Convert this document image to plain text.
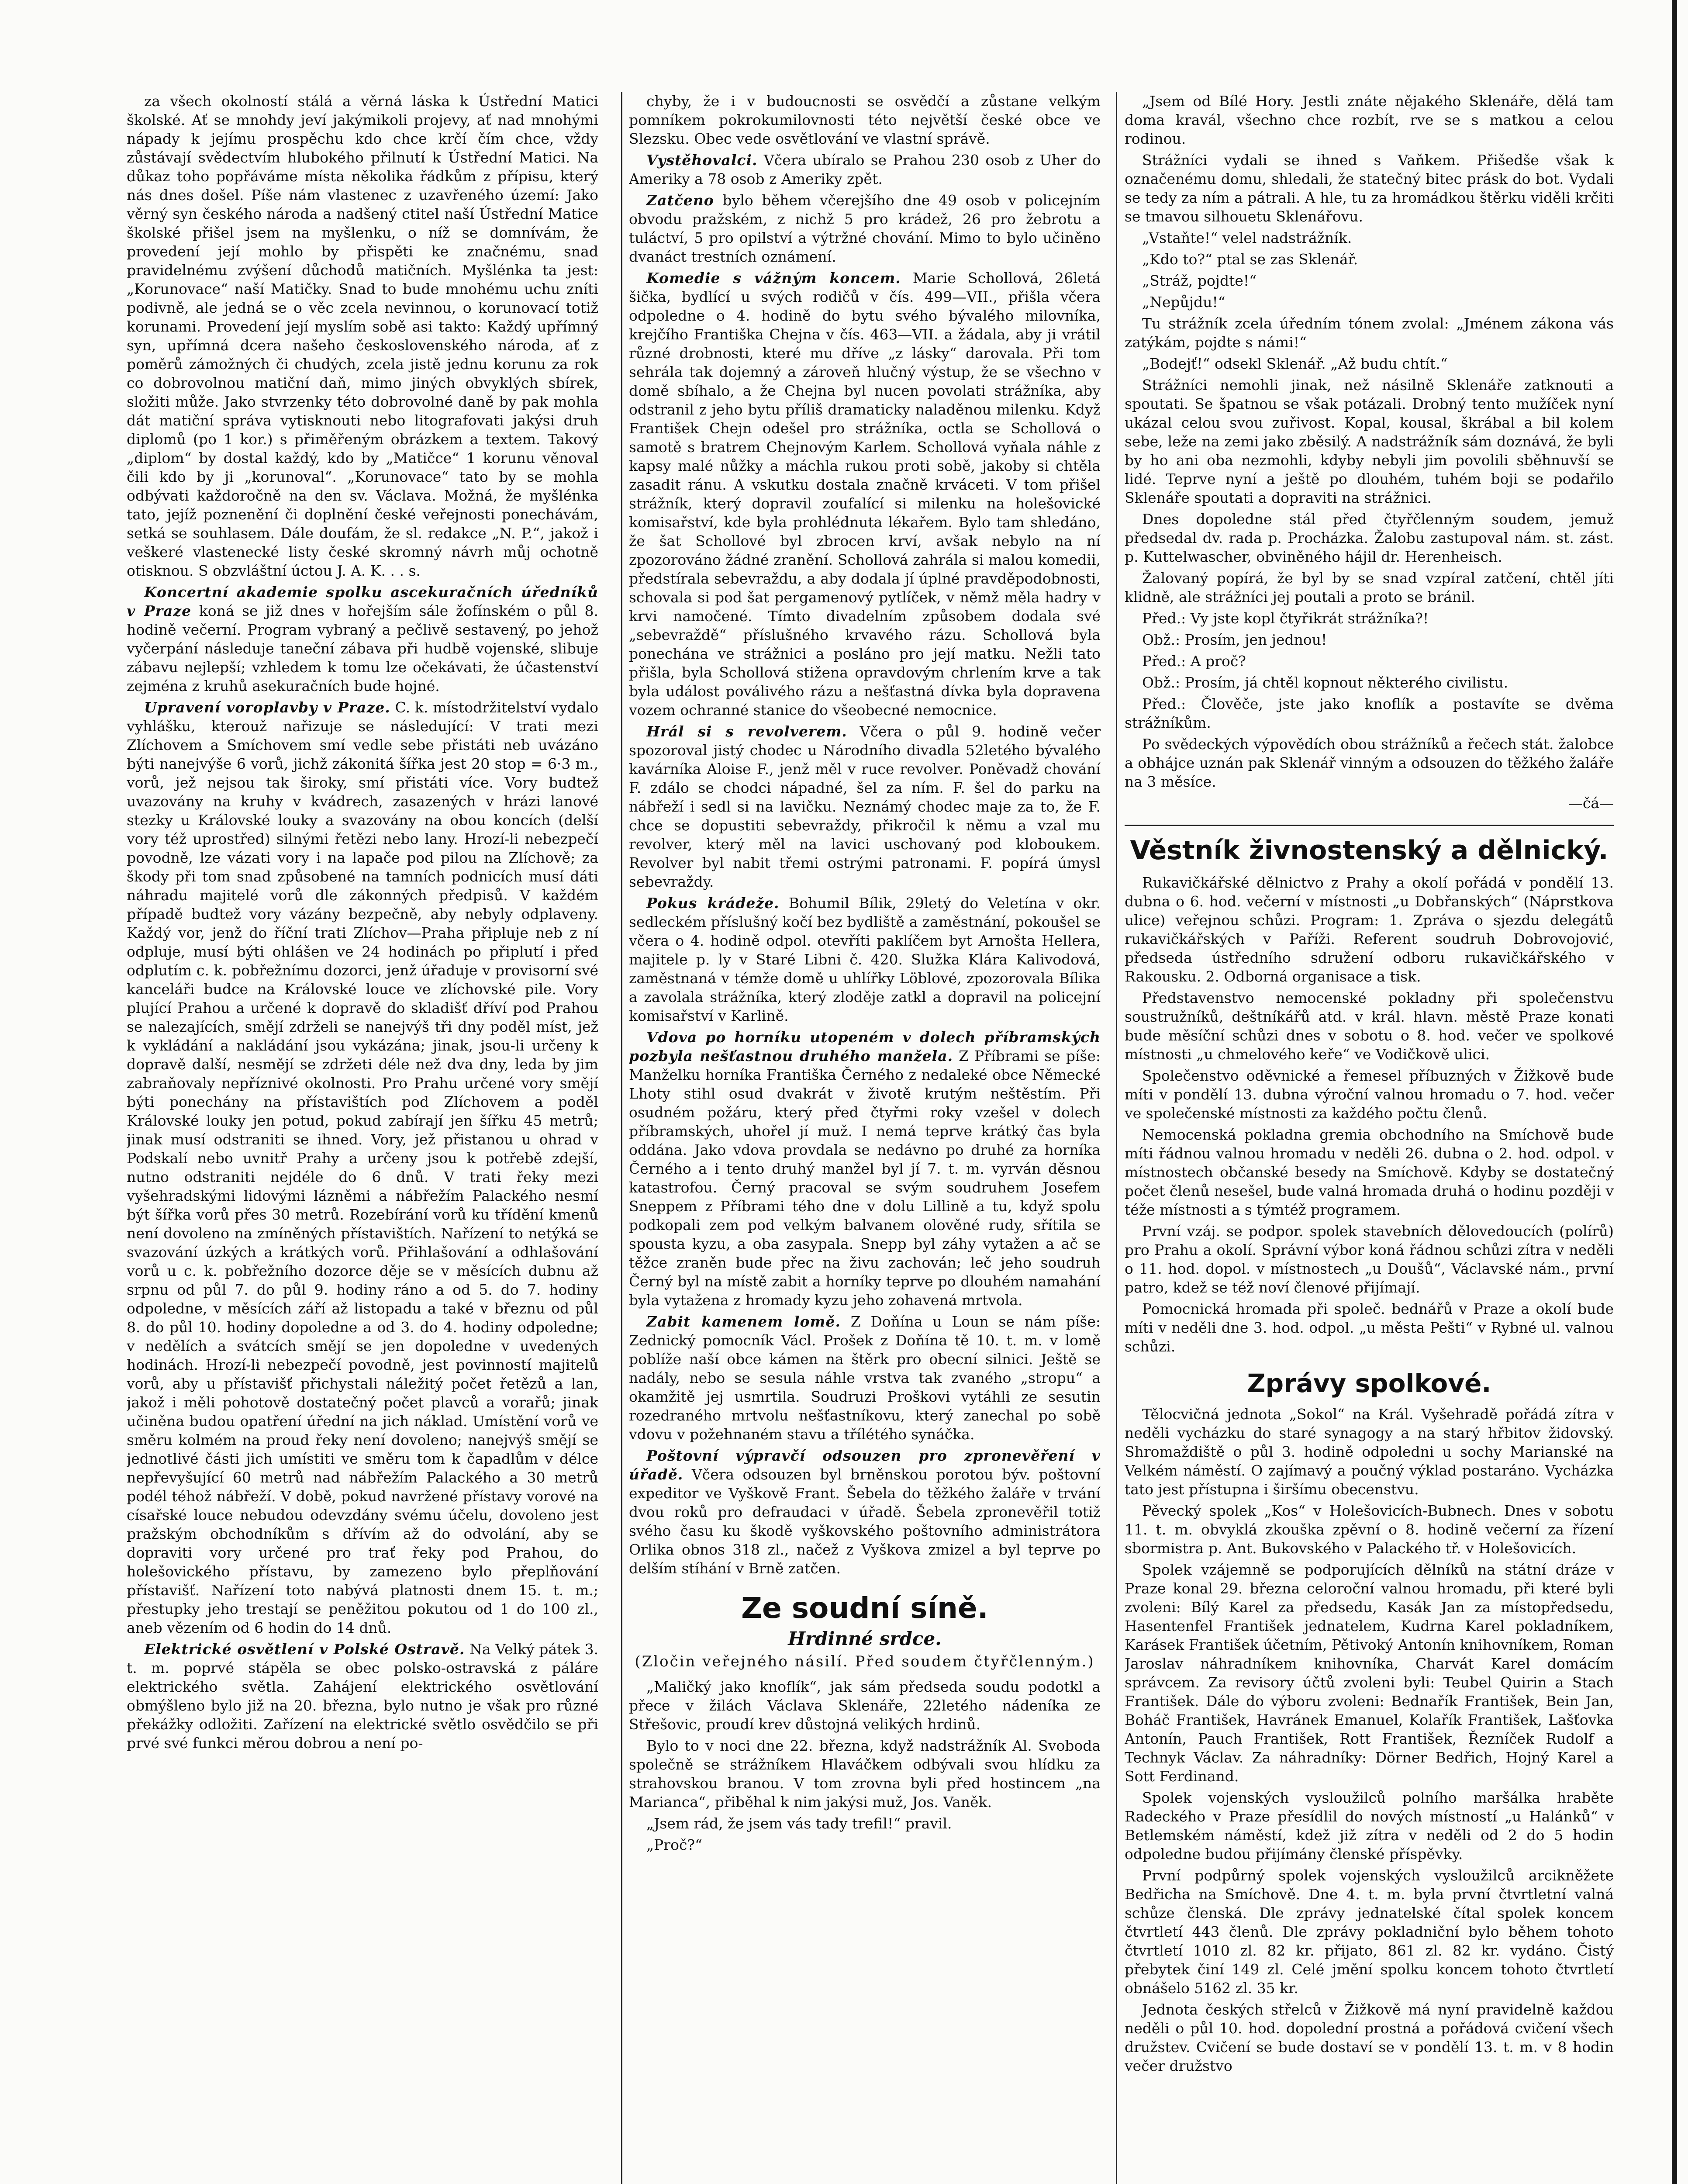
za všech okolností stálá a věrná láska k Ústřední Matici školské. Ať se mnohdy jeví jakýmikoli projevy, ať nad mnohými nápady k jejímu prospěchu kdo chce krčí čím chce, vždy zůstávají svědectvím hlubokého přilnutí k Ústřední Matici. Na důkaz toho popřáváme místa několika řádkům z přípisu, který nás dnes došel. Píše nám vlastenec z uzavřeného území: Jako věrný syn českého národa a nadšený ctitel naší Ústřední Matice školské přišel jsem na myšlenku, o níž se domnívám, že provedení její mohlo by přispěti ke značnému, snad pravidelnému zvýšení důchodů matičních. Myšlénka ta jest: „Korunovace“ naší Matičky. Snad to bude mnohému uchu zníti podivně, ale jedná se o věc zcela nevinnou, o korunovací totiž korunami. Provedení její myslím sobě asi takto: Každý upřímný syn, upřímná dcera našeho československého národa, ať z poměrů zámožných či chudých, zcela jistě jednu korunu za rok co dobrovolnou matiční daň, mimo jiných obvyklých sbírek, složiti může. Jako stvrzenky této dobrovolné daně by pak mohla dát matiční správa vytisknouti nebo litografovati jakýsi druh diplomů (po 1 kor.) s přiměřeným obrázkem a textem. Takový „diplom“ by dostal každý, kdo by „Matičce“ 1 korunu věnoval čili kdo by ji „korunoval“. „Korunovace“ tato by se mohla odbývati každoročně na den sv. Václava. Možná, že myšlénka tato, jejíž poznenění či doplnění české veřejnosti ponechávám, setká se souhlasem. Dále doufám, že sl. redakce „N. P.“, jakož i veškeré vlastenecké listy české skromný návrh můj ochotně otisknou. S obzvláštní úctou J. A. K. . . s.

Koncertní akademie spolku ascekuračních úředníků v Praze koná se již dnes v hořejším sále žofínském o půl 8. hodině večerní. Program vybraný a pečlivě sestavený, po jehož vyčerpání následuje taneční zábava při hudbě vojenské, slibuje zábavu nejlepší; vzhledem k tomu lze očekávati, že účastenství zejména z kruhů asekuračních bude hojné.

Upravení voroplavby v Praze. C. k. místodržitelství vydalo vyhlášku, kterouž nařizuje se následující: V trati mezi Zlíchovem a Smíchovem smí vedle sebe přistáti neb uvázáno býti nanejvýše 6 vorů, jichž zákonitá šířka jest 20 stop = 6·3 m., vorů, jež nejsou tak široky, smí přistáti více. Vory budtež uvazovány na kruhy v kvádrech, zasazených v hrázi lanové stezky u Královské louky a svazovány na obou koncích (delší vory též uprostřed) silnými řetězi nebo lany. Hrozí-li nebezpečí povodně, lze vázati vory i na lapače pod pilou na Zlíchově; za škody při tom snad způsobené na tamních podnicích musí dáti náhradu majitelé vorů dle zákonných předpisů. V každém případě budtež vory vázány bezpečně, aby nebyly odplaveny. Každý vor, jenž do říční trati Zlíchov—Praha připluje neb z ní odpluje, musí býti ohlášen ve 24 hodinách po připlutí i před odplutím c. k. pobřežnímu dozorci, jenž úřaduje v provisorní své kanceláři budce na Královské louce ve zlíchovské pile. Vory plující Prahou a určené k dopravě do skladišť dříví pod Prahou se nalezajících, smějí zdrželi se nanejvýš tři dny poděl míst, jež k vykládání a nakládání jsou vykázána; jinak, jsou-li určeny k dopravě další, nesmějí se zdržeti déle než dva dny, leda by jim zabraňovaly nepříznivé okolnosti. Pro Prahu určené vory smějí býti ponechány na přístavištích pod Zlíchovem a poděl Královské louky jen potud, pokud zabírají jen šířku 45 metrů; jinak musí odstraniti se ihned. Vory, jež přistanou u ohrad v Podskalí nebo uvnitř Prahy a určeny jsou k potřebě zdejší, nutno odstraniti nejdéle do 6 dnů. V trati řeky mezi vyšehradskými lidovými lázněmi a nábřežím Palackého nesmí být šířka vorů přes 30 metrů. Rozebírání vorů ku třídění kmenů není dovoleno na zmíněných přístavištích. Nařízení to netýká se svazování úzkých a krátkých vorů. Přihlašování a odhlašování vorů u c. k. pobřežního dozorce děje se v měsících dubnu až srpnu od půl 7. do půl 9. hodiny ráno a od 5. do 7. hodiny odpoledne, v měsících září až listopadu a také v březnu od půl 8. do půl 10. hodiny dopoledne a od 3. do 4. hodiny odpoledne; v nedělích a svátcích smějí se jen dopoledne v uvedených hodinách. Hrozí-li nebezpečí povodně, jest povinností majitelů vorů, aby u přístavišť přichystali náležitý počet řetězů a lan, jakož i měli pohotově dostatečný počet plavců a vorařů; jinak učiněna budou opatření úřední na jich náklad. Umístění vorů ve směru kolmém na proud řeky není dovoleno; nanejvýš smějí se jednotlivé části jich umístiti ve směru tom k čapadlům v délce nepřevyšující 60 metrů nad nábřežím Palackého a 30 metrů podél téhož nábřeží. V době, pokud navržené přístavy vorové na císařské louce nebudou odevzdány svému účelu, dovoleno jest pražským obchodníkům s dřívím až do odvolání, aby se dopraviti vory určené pro trať řeky pod Prahou, do holešovického přístavu, by zamezeno bylo přeplňování přístavišť. Nařízení toto nabývá platnosti dnem 15. t. m.; přestupky jeho trestají se peněžitou pokutou od 1 do 100 zl., aneb vězením od 6 hodin do 14 dnů.

Elektrické osvětlení v Polské Ostravě. Na Velký pátek 3. t. m. poprvé stápěla se obec polsko-ostravská z páláre elektrického světla. Zahájení elektrického osvětlování obmýšleno bylo již na 20. března, bylo nutno je však pro různé překážky odložiti. Zařízení na elektrické světlo osvědčilo se při prvé své funkci měrou dobrou a není po-

chyby, že i v budoucnosti se osvědčí a zůstane velkým pomníkem pokrokumilovnosti této největší české obce ve Slezsku. Obec vede osvětlování ve vlastní správě.

Vystěhovalci. Včera ubíralo se Prahou 230 osob z Uher do Ameriky a 78 osob z Ameriky zpět.

Zatčeno bylo během včerejšího dne 49 osob v policejním obvodu pražském, z nichž 5 pro krádež, 26 pro žebrotu a tuláctví, 5 pro opilství a výtržné chování. Mimo to bylo učiněno dvanáct trestních oznámení.

Komedie s vážným koncem. Marie Schollová, 26letá šička, bydlící u svých rodičů v čís. 499—VII., přišla včera odpoledne o 4. hodině do bytu svého bývalého milovníka, krejčího Františka Chejna v čís. 463—VII. a žádala, aby ji vrátil různé drobnosti, které mu dříve „z lásky“ darovala. Při tom sehrála tak dojemný a zároveň hlučný výstup, že se všechno v domě sbíhalo, a že Chejna byl nucen povolati strážníka, aby odstranil z jeho bytu příliš dramaticky naladěnou milenku. Když František Chejn odešel pro strážníka, octla se Schollová o samotě s bratrem Chejnovým Karlem. Schollová vyňala náhle z kapsy malé nůžky a máchla rukou proti sobě, jakoby si chtěla zasadit ránu. A vskutku dostala značně krváceti. V tom přišel strážník, který dopravil zoufalící si milenku na holešovické komisařství, kde byla prohlédnuta lékařem. Bylo tam shledáno, že šat Schollové byl zbrocen krví, avšak nebylo na ní zpozorováno žádné zranění. Schollová zahrála si malou komedii, předstírala sebevraždu, a aby dodala jí úplné pravděpodobnosti, schovala si pod šat pergamenový pytlíček, v němž měla hadry v krvi namočené. Tímto divadelním způsobem dodala své „sebevraždě“ příslušného krvavého rázu. Schollová byla ponechána ve strážnici a posláno pro její matku. Nežli tato přišla, byla Schollová stižena opravdovým chrlením krve a tak byla událost poválivého rázu a nešťastná dívka byla dopravena vozem ochranné stanice do všeobecné nemocnice.

Hrál si s revolverem. Včera o půl 9. hodině večer spozoroval jistý chodec u Národního divadla 52letého bývalého kavárníka Aloise F., jenž měl v ruce revolver. Poněvadž chování F. zdálo se chodci nápadné, šel za ním. F. šel do parku na nábřeží i sedl si na lavičku. Neznámý chodec maje za to, že F. chce se dopustiti sebevraždy, přikročil k němu a vzal mu revolver, který měl na lavici uschovaný pod kloboukem. Revolver byl nabit třemi ostrými patronami. F. popírá úmysl sebevraždy.

Pokus krádeže. Bohumil Bílik, 29letý do Veletína v okr. sedleckém příslušný kočí bez bydliště a zaměstnání, pokoušel se včera o 4. hodině odpol. otevříti paklíčem byt Arnošta Hellera, majitele p. ly v Staré Libni č. 420. Služka Klára Kalivodová, zaměstnaná v témže domě u uhlířky Löblové, zpozorovala Bílika a zavolala strážníka, který zloděje zatkl a dopravil na policejní komisařství v Karlině.

Vdova po horníku utopeném v dolech příbramských pozbyla nešťastnou druhého manžela. Z Příbrami se píše: Manželku horníka Františka Černého z nedaleké obce Německé Lhoty stihl osud dvakrát v životě krutým neštěstím. Při osudném požáru, který před čtyřmi roky vzešel v dolech příbramských, uhořel jí muž. I nemá teprve krátký čas byla oddána. Jako vdova provdala se nedávno po druhé za horníka Černého a i tento druhý manžel byl jí 7. t. m. vyrván děsnou katastrofou. Černý pracoval se svým soudruhem Josefem Sneppem z Příbrami tého dne v dolu Lillině a tu, když spolu podkopali zem pod velkým balvanem olověné rudy, sřítila se spousta kyzu, a oba zasypala. Snepp byl záhy vytažen a ač se těžce zraněn bude přec na živu zachován; leč jeho soudruh Černý byl na místě zabit a horníky teprve po dlouhém namahání byla vytažena z hromady kyzu jeho zohavená mrtvola.

Zabit kamenem lomě. Z Doňína u Loun se nám píše: Zednický pomocník Václ. Prošek z Doňína tě 10. t. m. v lomě poblíže naší obce kámen na štěrk pro obecní silnici. Ještě se nadály, nebo se sesula náhle vrstva tak zvaného „stropu“ a okamžitě jej usmrtila. Soudruzi Proškovi vytáhli ze sesutin rozedraného mrtvolu nešťastníkovu, který zanechal po sobě vdovu v požehnaném stavu a třílétého synáčka.

Poštovní výpravčí odsouzen pro zpronevěření v úřadě. Včera odsouzen byl brněnskou porotou býv. poštovní expeditor ve Vyškově Frant. Šebela do těžkého žaláře v trvání dvou roků pro defraudaci v úřadě. Šebela zpronevěřil totiž svého času ku škodě vyškovského poštovního administrátora Orlika obnos 318 zl., načež z Vyškova zmizel a byl teprve po delším stíhání v Brně zatčen.

Ze soudní síně.
Hrdinné srdce.
(Zločin veřejného násilí. Před soudem čtyřčlenným.)

„Maličký jako knoflík“, jak sám předseda soudu podotkl a přece v žilách Václava Sklenáře, 22letého nádeníka ze Střešovic, proudí krev důstojná velikých hrdinů.

Bylo to v noci dne 22. března, když nadstrážník Al. Svoboda společně se strážníkem Hlaváčkem odbývali svou hlídku za strahovskou branou. V tom zrovna byli před hostincem „na Marianca“, přiběhal k nim jakýsi muž, Jos. Vaněk.

„Jsem rád, že jsem vás tady trefil!“ pravil.

„Proč?“

„Jsem od Bílé Hory. Jestli znáte nějakého Sklenáře, dělá tam doma kravál, všechno chce rozbít, rve se s matkou a celou rodinou.

Strážníci vydali se ihned s Vaňkem. Přišedše však k označenému domu, shledali, že statečný bitec prásk do bot. Vydali se tedy za ním a pátrali. A hle, tu za hromádkou štěrku viděli krčiti se tmavou silhouetu Sklenářovu.

„Vstaňte!“ velel nadstrážník.

„Kdo to?“ ptal se zas Sklenář.

„Stráž, pojdte!“

„Nepůjdu!“

Tu strážník zcela úředním tónem zvolal: „Jménem zákona vás zatýkám, pojdte s námi!“

„Bodejť!“ odsekl Sklenář. „Až budu chtít.“

Strážníci nemohli jinak, než násilně Sklenáře zatknouti a spoutati. Se špatnou se však potázali. Drobný tento mužíček nyní ukázal celou svou zuřivost. Kopal, kousal, škrábal a bil kolem sebe, leže na zemi jako zběsilý. A nadstrážník sám doznává, že byli by ho ani oba nezmohli, kdyby nebyli jim povolili sběhnuvší se lidé. Teprve nyní a ještě po dlouhém, tuhém boji se podařilo Sklenáře spoutati a dopraviti na strážnici.

Dnes dopoledne stál před čtyřčlenným soudem, jemuž předsedal dv. rada p. Procházka. Žalobu zastupoval nám. st. zást. p. Kuttelwascher, obviněného hájil dr. Herenheisch.

Žalovaný popírá, že byl by se snad vzpíral zatčení, chtěl jíti klidně, ale strážníci jej poutali a proto se bránil.

Před.: Vy jste kopl čtyřikrát strážníka?!

Obž.: Prosím, jen jednou!

Před.: A proč?

Obž.: Prosím, já chtěl kopnout některého civilistu.

Před.: Člověče, jste jako knoflík a postavíte se dvěma strážníkům.

Po svědeckých výpovědích obou strážníků a řečech stát. žalobce a obhájce uznán pak Sklenář vinným a odsouzen do těžkého žaláře na 3 měsíce.

—čá—

Věstník živnostenský a dělnický.

Rukavičkářské dělnictvo z Prahy a okolí pořádá v pondělí 13. dubna o 6. hod. večerní v místnosti „u Dobřanských“ (Náprstkova ulice) veřejnou schůzi. Program: 1. Zpráva o sjezdu delegátů rukavičkářských v Paříži. Referent soudruh Dobrovojović, předseda ústředního sdružení odboru rukavičkářského v Rakousku. 2. Odborná organisace a tisk.

Představenstvo nemocenské pokladny při společenstvu soustružníků, deštníkářů atd. v král. hlavn. městě Praze konati bude měsíční schůzi dnes v sobotu o 8. hod. večer ve spolkové místnosti „u chmelového keře“ ve Vodičkově ulici.

Společenstvo oděvnické a řemesel příbuzných v Žižkově bude míti v pondělí 13. dubna výroční valnou hromadu o 7. hod. večer ve společenské místnosti za každého počtu členů.

Nemocenská pokladna gremia obchodního na Smíchově bude míti řádnou valnou hromadu v neděli 26. dubna o 2. hod. odpol. v místnostech občanské besedy na Smíchově. Kdyby se dostatečný počet členů nesešel, bude valná hromada druhá o hodinu později v téže místnosti a s týmtéž programem.

První vzáj. se podpor. spolek stavebních dělovedoucích (polírů) pro Prahu a okolí. Správní výbor koná řádnou schůzi zítra v neděli o 11. hod. dopol. v místnostech „u Doušů“, Václavské nám., první patro, kdež se též noví členové přijímají.

Pomocnická hromada při společ. bednářů v Praze a okolí bude míti v neděli dne 3. hod. odpol. „u města Pešti“ v Rybné ul. valnou schůzi.

Zprávy spolkové.

Tělocvičná jednota „Sokol“ na Král. Vyšehradě pořádá zítra v neděli vycházku do staré synagogy a na starý hřbitov židovský. Shromaždiště o půl 3. hodině odpoledni u sochy Marianské na Velkém náměstí. O zajímavý a poučný výklad postaráno. Vycházka tato jest přístupna i širšímu obecenstvu.

Pěvecký spolek „Kos“ v Holešovicích-Bubnech. Dnes v sobotu 11. t. m. obvyklá zkouška zpěvní o 8. hodině večerní za řízení sbormistra p. Ant. Bukovského v Palackého tř. v Holešovicích.

Spolek vzájemně se podporujících dělníků na státní dráze v Praze konal 29. března celoroční valnou hromadu, při které byli zvoleni: Bílý Karel za předsedu, Kasák Jan za místopředsedu, Hasentenfel František jednatelem, Kudrna Karel pokladníkem, Karásek František účetním, Pětivoký Antonín knihovníkem, Roman Jaroslav náhradníkem knihovníka, Charvát Karel domácím správcem. Za revisory účtů zvoleni byli: Teubel Quirin a Stach František. Dále do výboru zvoleni: Bednařík František, Bein Jan, Boháč František, Havránek Emanuel, Kolařík František, Lašťovka Antonín, Pauch František, Rott František, Řezníček Rudolf a Technyk Václav. Za náhradníky: Dörner Bedřich, Hojný Karel a Sott Ferdinand.

Spolek vojenských vysloužilců polního maršálka hraběte Radeckého v Praze přesídlil do nových místností „u Halánků“ v Betlemském náměstí, kdež již zítra v neděli od 2 do 5 hodin odpoledne budou přijímány členské příspěvky.

První podpůrný spolek vojenských vysloužilců arcikněžete Bedřicha na Smíchově. Dne 4. t. m. byla první čtvrtletní valná schůze členská. Dle zprávy jednatelské čítal spolek koncem čtvrtletí 443 členů. Dle zprávy pokladniční bylo během tohoto čtvrtletí 1010 zl. 82 kr. přijato, 861 zl. 82 kr. vydáno. Čistý přebytek činí 149 zl. Celé jmění spolku koncem tohoto čtvrtletí obnášelo 5162 zl. 35 kr.

Jednota českých střelců v Žižkově má nyní pravidelně každou neděli o půl 10. hod. dopolední prostná a pořádová cvičení všech družstev. Cvičení se bude dostaví se v pondělí 13. t. m. v 8 hodin večer družstvo
